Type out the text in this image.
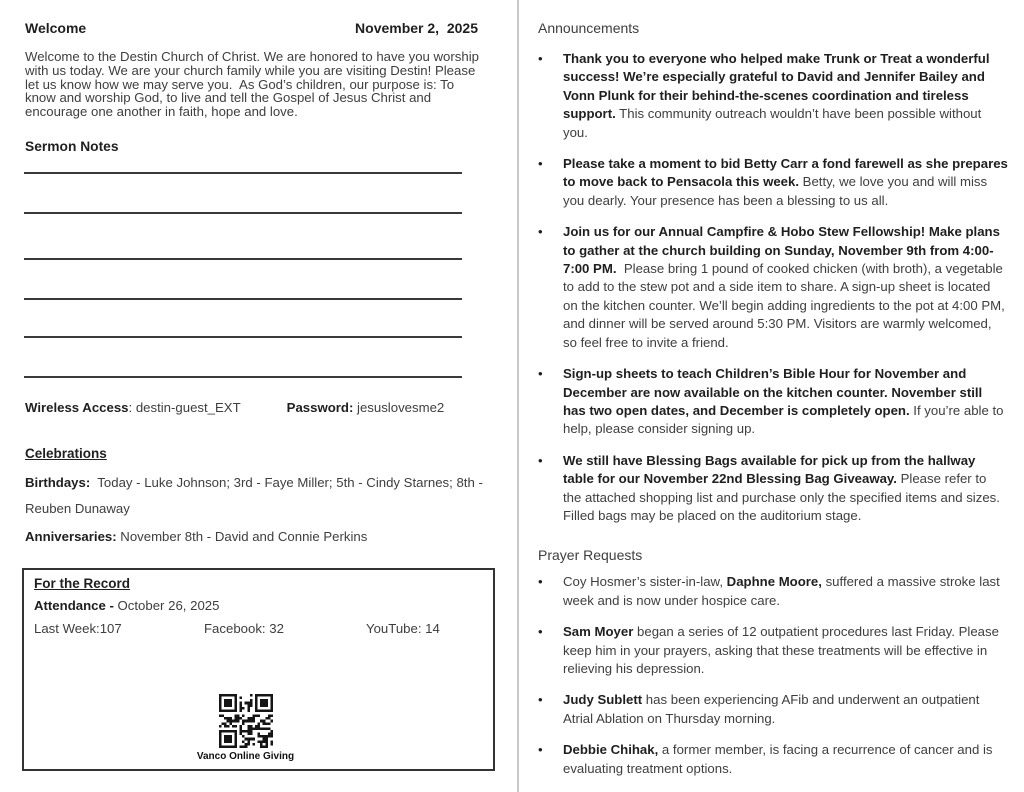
Welcome	November 2,  2025

Welcome to the Destin Church of Christ. We are honored to have you worship with us today. We are your church family while you are visiting Destin! Please let us know how we may serve you.  As God’s children, our purpose is: To know and worship God, to live and tell the Gospel of Jesus Christ and encourage one another in faith, hope and love.

Sermon Notes

Wireless Access: destin-guest_EXT	Password: jesuslovesme2

Celebrations

Birthdays:  Today - Luke Johnson; 3rd - Faye Miller; 5th - Cindy Starnes; 8th - Reuben Dunaway

Anniversaries: November 8th - David and Connie Perkins

For the Record

Attendance - October 26, 2025

Last Week:107	Facebook: 32	YouTube: 14
Vanco Online Giving
Announcements
•	Thank you to everyone who helped make Trunk or Treat a wonderful success! We’re especially grateful to David and Jennifer Bailey and Vonn Plunk for their behind-the-scenes coordination and tireless support. This community outreach wouldn’t have been possible without you.
•	Please take a moment to bid Betty Carr a fond farewell as she prepares to move back to Pensacola this week. Betty, we love you and will miss you dearly. Your presence has been a blessing to us all.
•	Join us for our Annual Campfire & Hobo Stew Fellowship! Make plans to gather at the church building on Sunday, November 9th from 4:00-7:00 PM.  Please bring 1 pound of cooked chicken (with broth), a vegetable to add to the stew pot and a side item to share. A sign-up sheet is located on the kitchen counter. We’ll begin adding ingredients to the pot at 4:00 PM, and dinner will be served around 5:30 PM. Visitors are warmly welcomed, so feel free to invite a friend.
•	Sign-up sheets to teach Children’s Bible Hour for November and December are now available on the kitchen counter. November still has two open dates, and December is completely open. If you’re able to help, please consider signing up.
•	We still have Blessing Bags available for pick up from the hallway table for our November 22nd Blessing Bag Giveaway. Please refer to the attached shopping list and purchase only the specified items and sizes. Filled bags may be placed on the auditorium stage.
Prayer Requests
•	Coy Hosmer’s sister-in-law, Daphne Moore, suffered a massive stroke last week and is now under hospice care.
•	Sam Moyer began a series of 12 outpatient procedures last Friday. Please keep him in your prayers, asking that these treatments will be effective in relieving his depression.
•	Judy Sublett has been experiencing AFib and underwent an outpatient Atrial Ablation on Thursday morning.
•	Debbie Chihak, a former member, is facing a recurrence of cancer and is evaluating treatment options.
